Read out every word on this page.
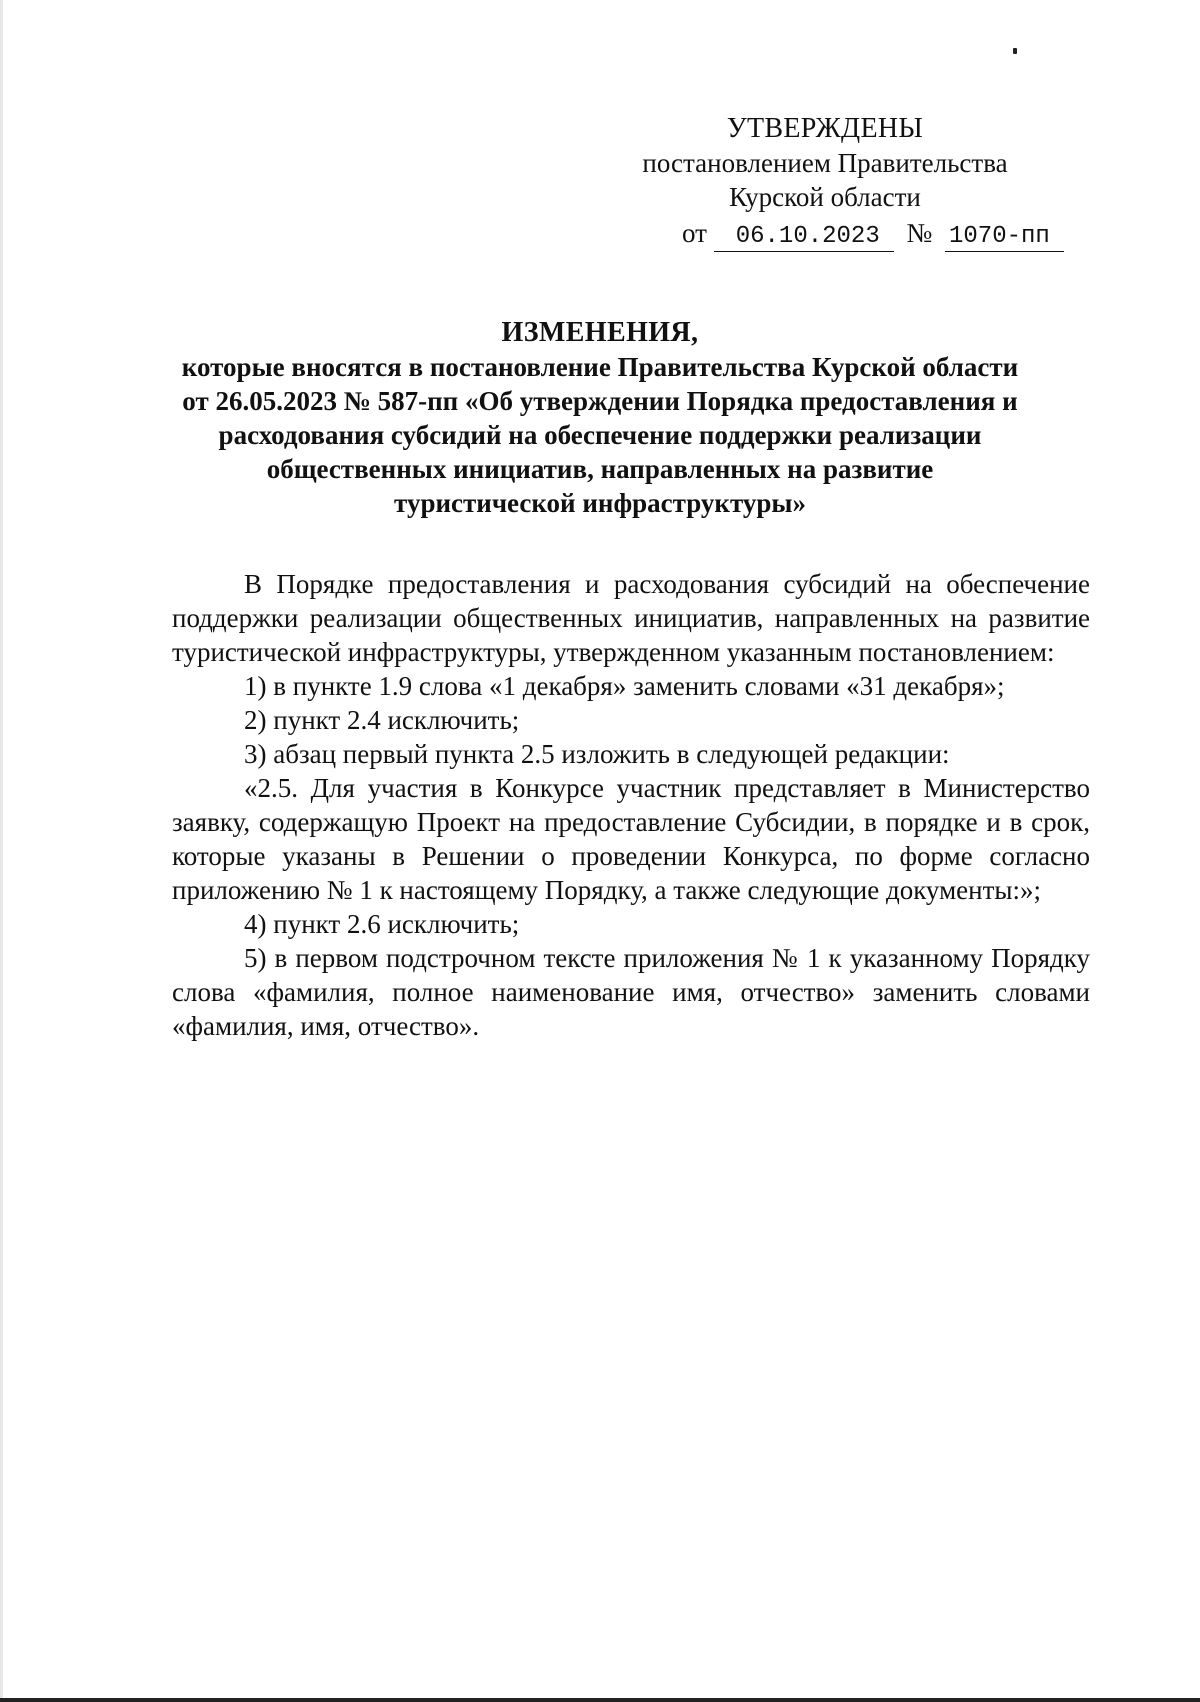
УТВЕРЖДЕНЫ
постановлением Правительства
Курской области
от 06.10.2023 № 1070-пп
ИЗМЕНЕНИЯ,
которые вносятся в постановление Правительства Курской области
от 26.05.2023 № 587-пп «Об утверждении Порядка предоставления и
расходования субсидий на обеспечение поддержки реализации
общественных инициатив, направленных на развитие
туристической инфраструктуры»

В Порядке предоставления и расходования субсидий на обеспечение поддержки реализации общественных инициатив, направленных на развитие туристической инфраструктуры, утвержденном указанным постановлением:

1) в пункте 1.9 слова «1 декабря» заменить словами «31 декабря»;

2) пункт 2.4 исключить;

3) абзац первый пункта 2.5 изложить в следующей редакции:

«2.5. Для участия в Конкурсе участник представляет в Министерство заявку, содержащую Проект на предоставление Субсидии, в порядке и в срок, которые указаны в Решении о проведении Конкурса, по форме согласно приложению № 1 к настоящему Порядку, а также следующие документы:»;

4) пункт 2.6 исключить;

5) в первом подстрочном тексте приложения № 1 к указанному Порядку слова «фамилия, полное наименование имя, отчество» заменить словами «фамилия, имя, отчество».
